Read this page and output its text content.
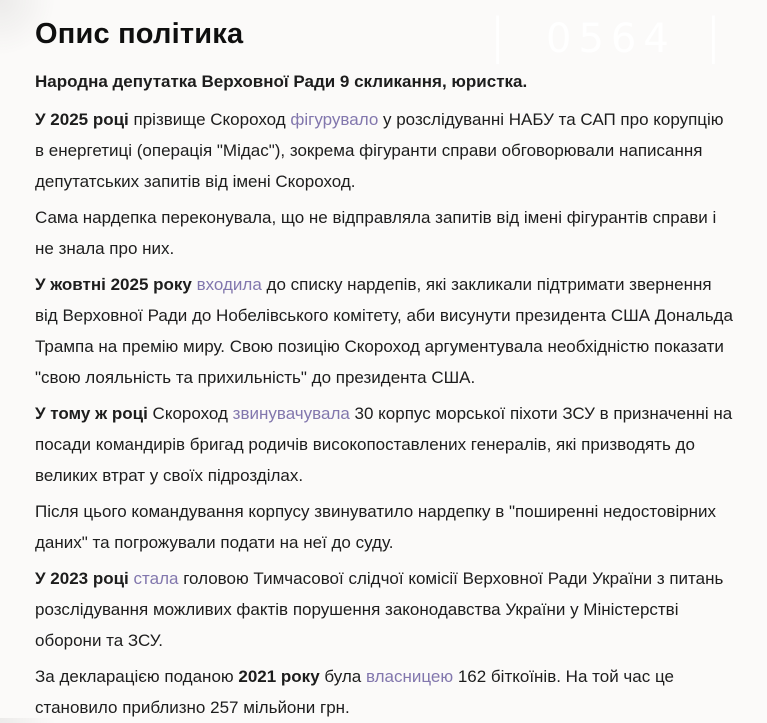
│ 0564 │
Опис політика

Народна депутатка Верховної Ради 9 скликання, юристка.

У 2025 році прізвище Скороход фігурувало у розслідуванні НАБУ та САП про корупцію в енергетиці (операція "Мідас"), зокрема фігуранти справи обговорювали написання депутатських запитів від імені Скороход.

Сама нардепка переконувала, що не відправляла запитів від імені фігурантів справи і не знала про них.

У жовтні 2025 року входила до списку нардепів, які закликали підтримати звернення від Верховної Ради до Нобелівського комітету, аби висунути президента США Дональда Трампа на премію миру. Свою позицію Скороход аргументувала необхідністю показати "свою лояльність та прихильність" до президента США.

У тому ж році Скороход звинувачувала 30 корпус морської піхоти ЗСУ в призначенні на посади командирів бригад родичів високопоставлених генералів, які призводять до великих втрат у своїх підрозділах.

Після цього командування корпусу звинуватило нардепку в "поширенні недостовірних даних" та погрожували подати на неї до суду.

У 2023 році стала головою Тимчасової слідчої комісії Верховної Ради України з питань розслідування можливих фактів порушення законодавства України у Міністерстві оборони та ЗСУ.

За декларацією поданою 2021 року була власницею 162 біткоїнів. На той час це становило приблизно 257 мільйони грн.
